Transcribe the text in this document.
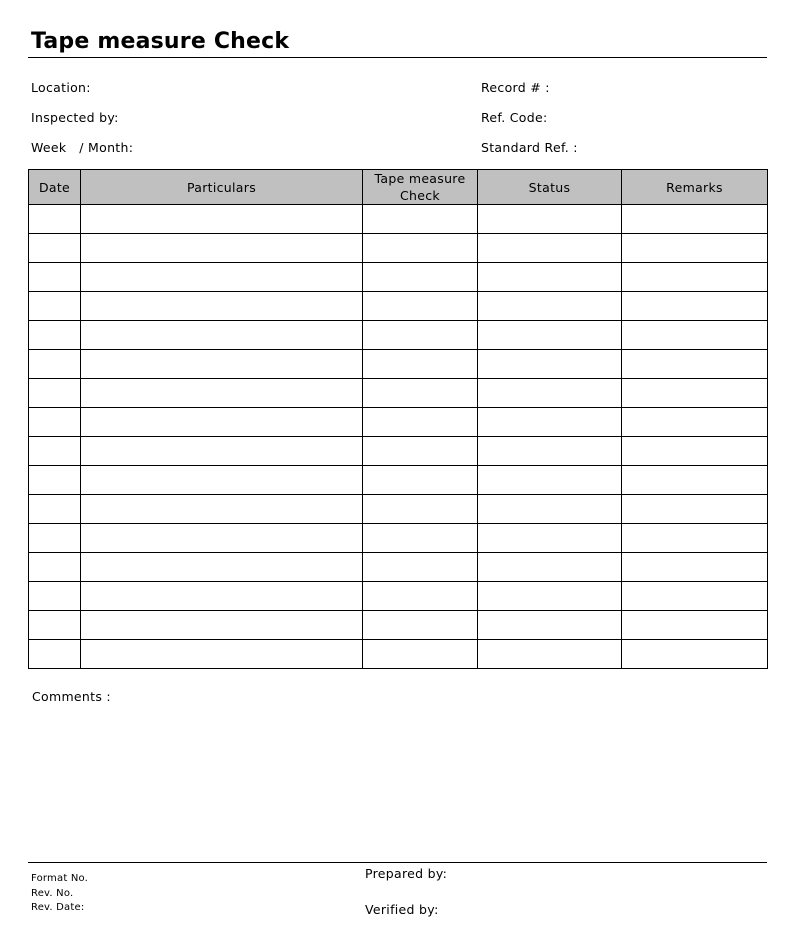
Tape measure Check
Location:
Inspected by:
Week   / Month:
Record # :
Ref. Code:
Standard Ref. :
Date	Particulars	Tape measure Check	Status	Remarks

Comments :
Format No.
Rev. No.
Rev. Date:
Prepared by:
Verified by:
